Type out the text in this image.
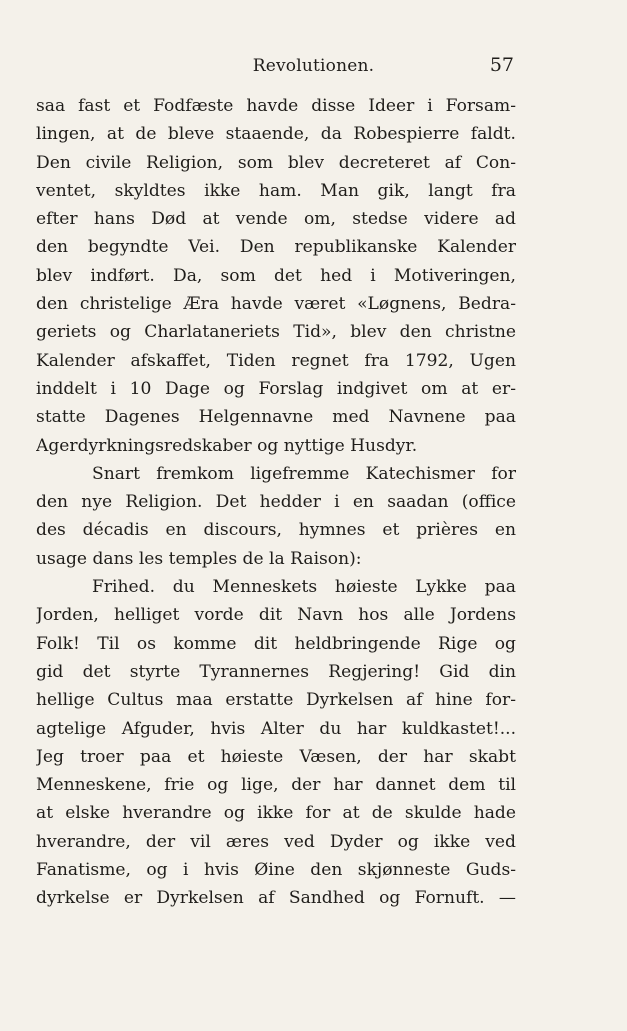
Revolutionen.	57
saa fast et Fodfæste havde disse Ideer i Forsam-
lingen, at de bleve staaende, da Robespierre faldt.
Den civile Religion, som blev decreteret af Con-
ventet, skyldtes ikke ham. Man gik, langt fra
efter hans Død at vende om, stedse videre ad
den begyndte Vei. Den republikanske Kalender
blev indført. Da, som det hed i Motiveringen,
den christelige Æra havde været «Løgnens, Bedra-
geriets og Charlataneriets Tid», blev den christne
Kalender afskaffet, Tiden regnet fra 1792, Ugen
inddelt i 10 Dage og Forslag indgivet om at er-
statte Dagenes Helgennavne med Navnene paa
Agerdyrkningsredskaber og nyttige Husdyr.
Snart fremkom ligefremme Katechismer for
den nye Religion. Det hedder i en saadan (office
des décadis en discours, hymnes et prières en
usage dans les temples de la Raison):
Frihed. du Menneskets høieste Lykke paa
Jorden, helliget vorde dit Navn hos alle Jordens
Folk! Til os komme dit heldbringende Rige og
gid det styrte Tyrannernes Regjering! Gid din
hellige Cultus maa erstatte Dyrkelsen af hine for-
agtelige Afguder, hvis Alter du har kuldkastet!...
Jeg troer paa et høieste Væsen, der har skabt
Menneskene, frie og lige, der har dannet dem til
at elske hverandre og ikke for at de skulde hade
hverandre, der vil æres ved Dyder og ikke ved
Fanatisme, og i hvis Øine den skjønneste Guds-
dyrkelse er Dyrkelsen af Sandhed og Fornuft. —
